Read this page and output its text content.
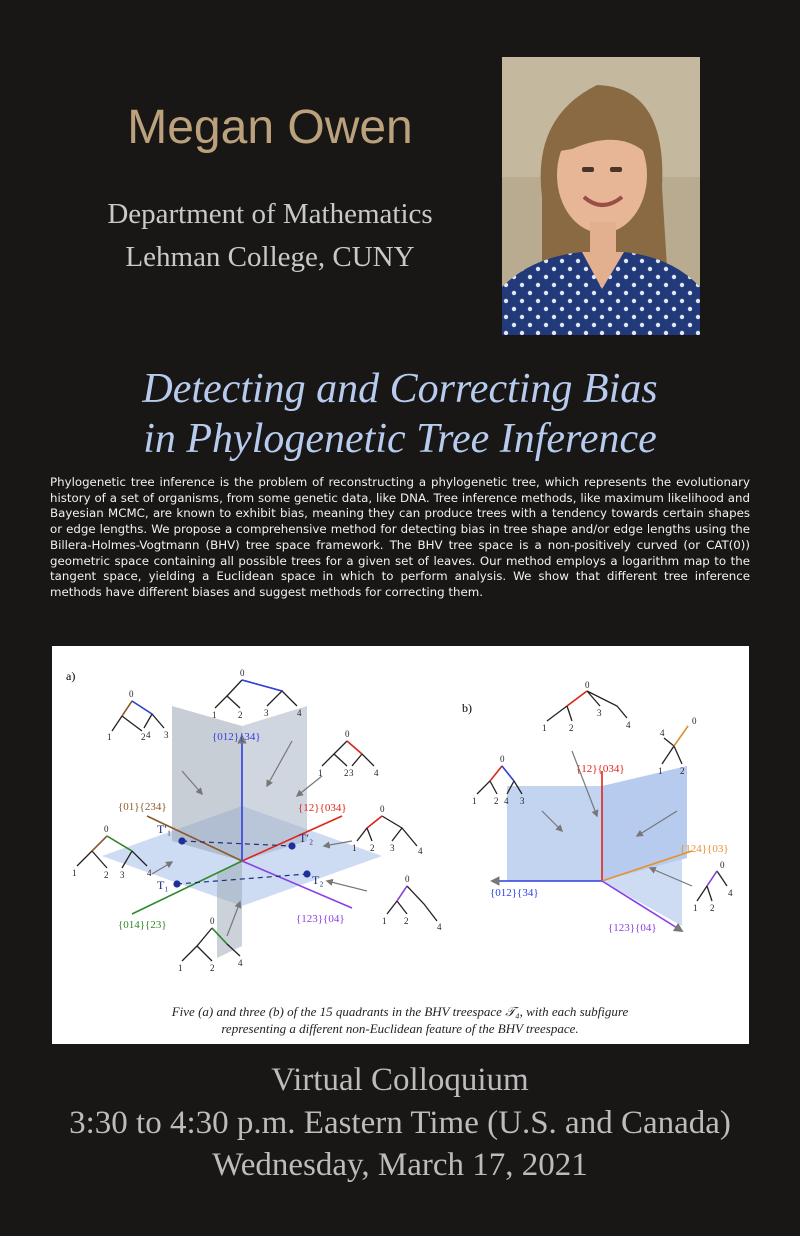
Megan Owen
Department of Mathematics
Lehman College, CUNY
Detecting and Correcting Bias
in Phylogenetic Tree Inference
Phylogenetic tree inference is the problem of reconstructing a phylogenetic tree, which represents the evolutionary history of a set of organisms, from some genetic data, like DNA. Tree inference methods, like maximum likelihood and Bayesian MCMC, are known to exhibit bias, meaning they can produce trees with a tendency towards certain shapes or edge lengths. We propose a comprehensive method for detecting bias in tree shape and/or edge lengths using the Billera-Holmes-Vogtmann (BHV) tree space framework. The BHV tree space is a non-positively curved (or CAT(0)) geometric space containing all possible trees for a given set of leaves. Our method employs a logarithm map to the tangent space, yielding a Euclidean space in which to perform analysis. We show that different tree inference methods have different biases and suggest methods for correcting them.
a)
T′₁
T′₂
T₁	T₂
{012}{34}
{12}{034}
{01}{234}
{014}{23}	{123}{04}
0
1 2 3	4
0
1	2 3
4	0
1 2 3 4
0
1 2 3	4
0
1	2 3	4
0
1 2
4
0
1	2	4
b)
{12}{034}
{012}{34}
{124}{03}
{123}{04}
0
1	2
3
4
0
1 2 3
4
0
1 2
4
0
1 2
4
Five (a) and three (b) of the 15 quadrants in the BHV treespace 𝒯₄, with each subfigure
representing a different non-Euclidean feature of the BHV treespace.
Virtual Colloquium
3:30 to 4:30 p.m. Eastern Time (U.S. and Canada)
Wednesday, March 17, 2021
